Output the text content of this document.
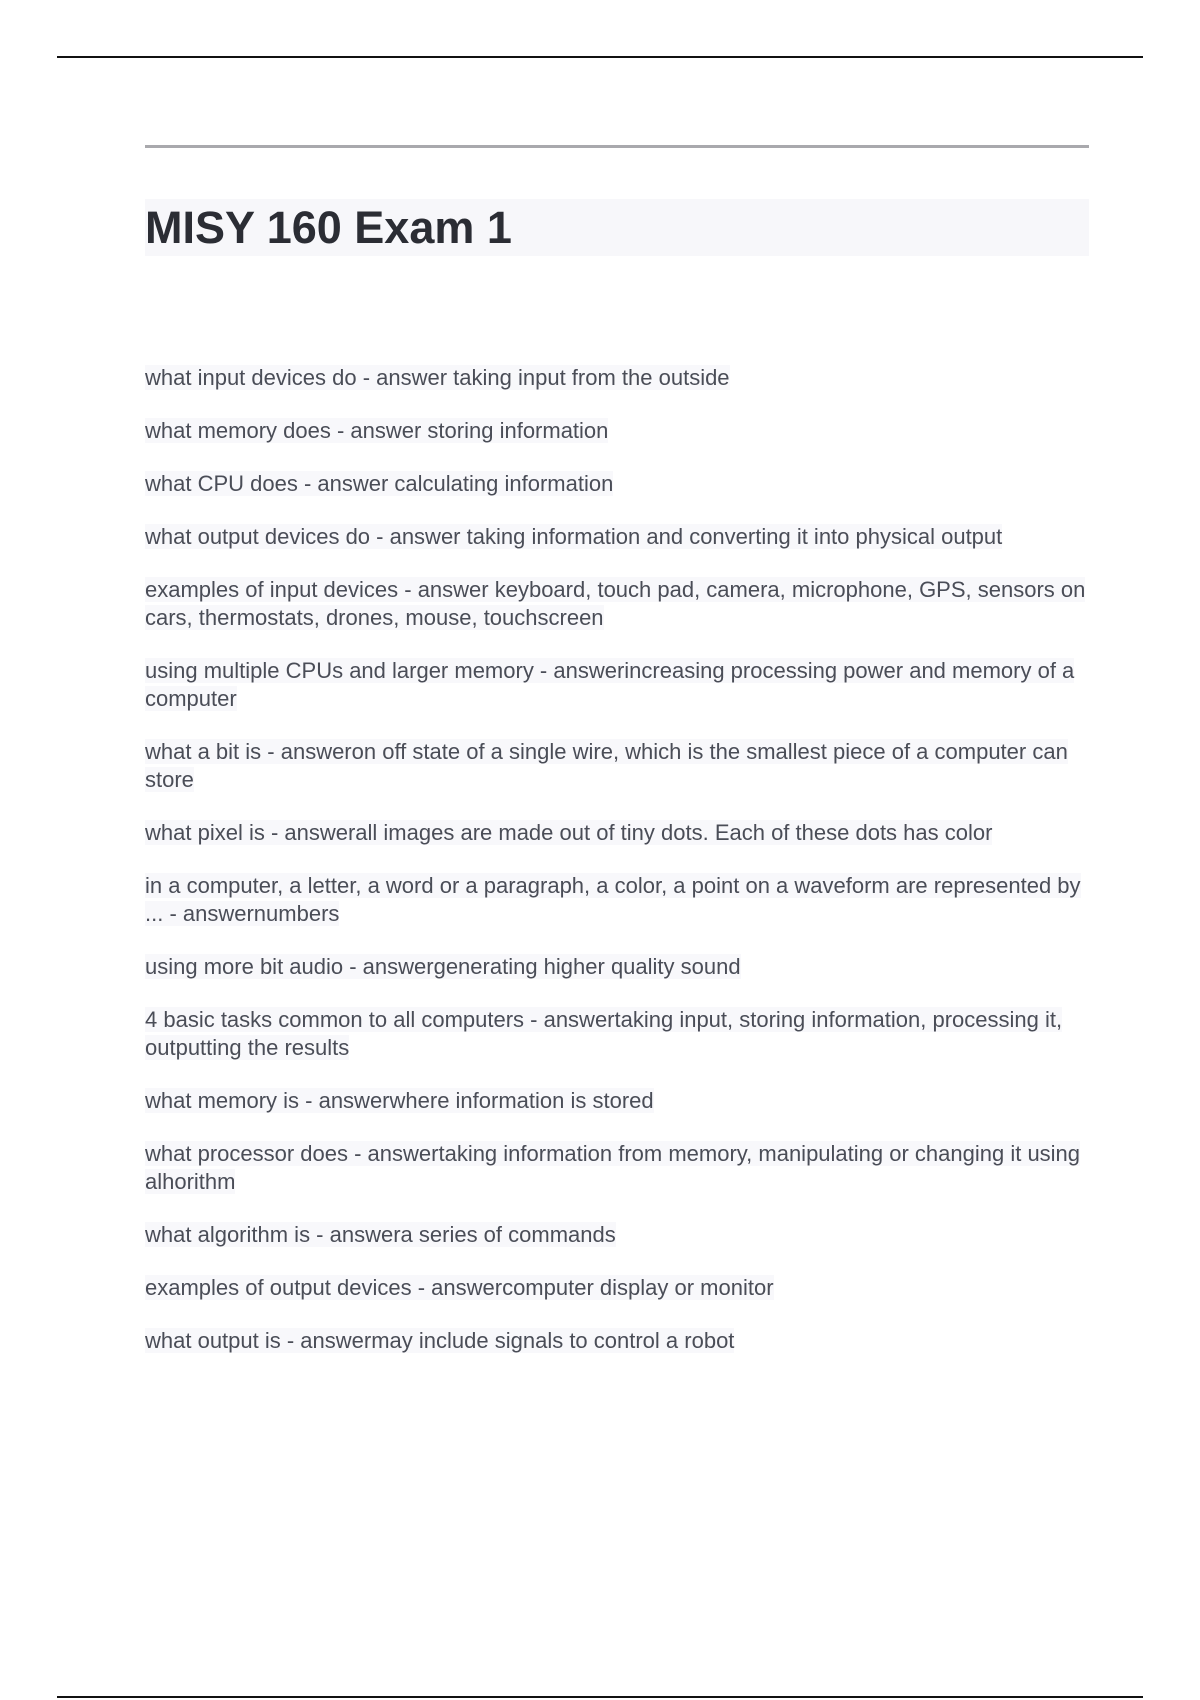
MISY 160 Exam 1
what input devices do - answer taking input from the outside
what memory does - answer storing information
what CPU does - answer calculating information
what output devices do - answer taking information and converting it into physical output
examples of input devices - answer keyboard, touch pad, camera, microphone, GPS, sensors on cars, thermostats, drones, mouse, touchscreen
using multiple CPUs and larger memory - answerincreasing processing power and memory of a computer
what a bit is - answeron off state of a single wire, which is the smallest piece of a computer can store
what pixel is - answerall images are made out of tiny dots. Each of these dots has color
in a computer, a letter, a word or a paragraph, a color, a point on a waveform are represented by ... - answernumbers
using more bit audio - answergenerating higher quality sound
4 basic tasks common to all computers - answertaking input, storing information, processing it, outputting the results
what memory is - answerwhere information is stored
what processor does - answertaking information from memory, manipulating or changing it using alhorithm
what algorithm is - answera series of commands
examples of output devices - answercomputer display or monitor
what output is - answermay include signals to control a robot
